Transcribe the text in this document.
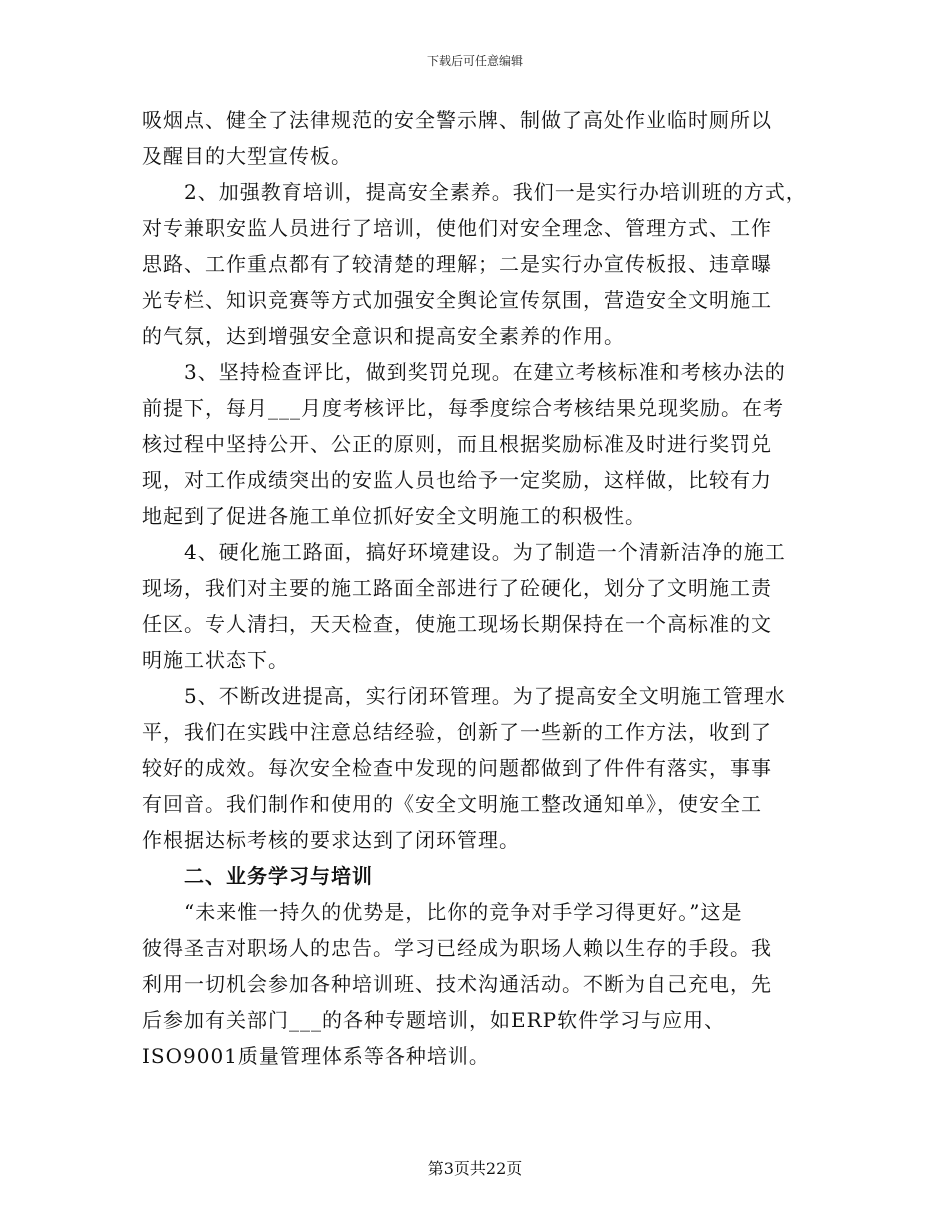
下载后可任意编辑
吸烟点、健全了法律规范的安全警示牌、制做了高处作业临时厕所以
及醒目的大型宣传板。
2、加强教育培训，提高安全素养。我们一是实行办培训班的方式，
对专兼职安监人员进行了培训，使他们对安全理念、管理方式、工作
思路、工作重点都有了较清楚的理解；二是实行办宣传板报、违章曝
光专栏、知识竞赛等方式加强安全舆论宣传氛围，营造安全文明施工
的气氛，达到增强安全意识和提高安全素养的作用。
3、坚持检查评比，做到奖罚兑现。在建立考核标准和考核办法的
前提下，每月___月度考核评比，每季度综合考核结果兑现奖励。在考
核过程中坚持公开、公正的原则，而且根据奖励标准及时进行奖罚兑
现，对工作成绩突出的安监人员也给予一定奖励，这样做，比较有力
地起到了促进各施工单位抓好安全文明施工的积极性。
4、硬化施工路面，搞好环境建设。为了制造一个清新洁净的施工
现场，我们对主要的施工路面全部进行了砼硬化，划分了文明施工责
任区。专人清扫，天天检查，使施工现场长期保持在一个高标准的文
明施工状态下。
5、不断改进提高，实行闭环管理。为了提高安全文明施工管理水
平，我们在实践中注意总结经验，创新了一些新的工作方法，收到了
较好的成效。每次安全检查中发现的问题都做到了件件有落实，事事
有回音。我们制作和使用的《安全文明施工整改通知单》，使安全工
作根据达标考核的要求达到了闭环管理。
二、业务学习与培训
“未来惟一持久的优势是，比你的竞争对手学习得更好。”这是
彼得圣吉对职场人的忠告。学习已经成为职场人赖以生存的手段。我
利用一切机会参加各种培训班、技术沟通活动。不断为自己充电，先
后参加有关部门___的各种专题培训，如ERP软件学习与应用、
ISO9001质量管理体系等各种培训。
第3页共22页
